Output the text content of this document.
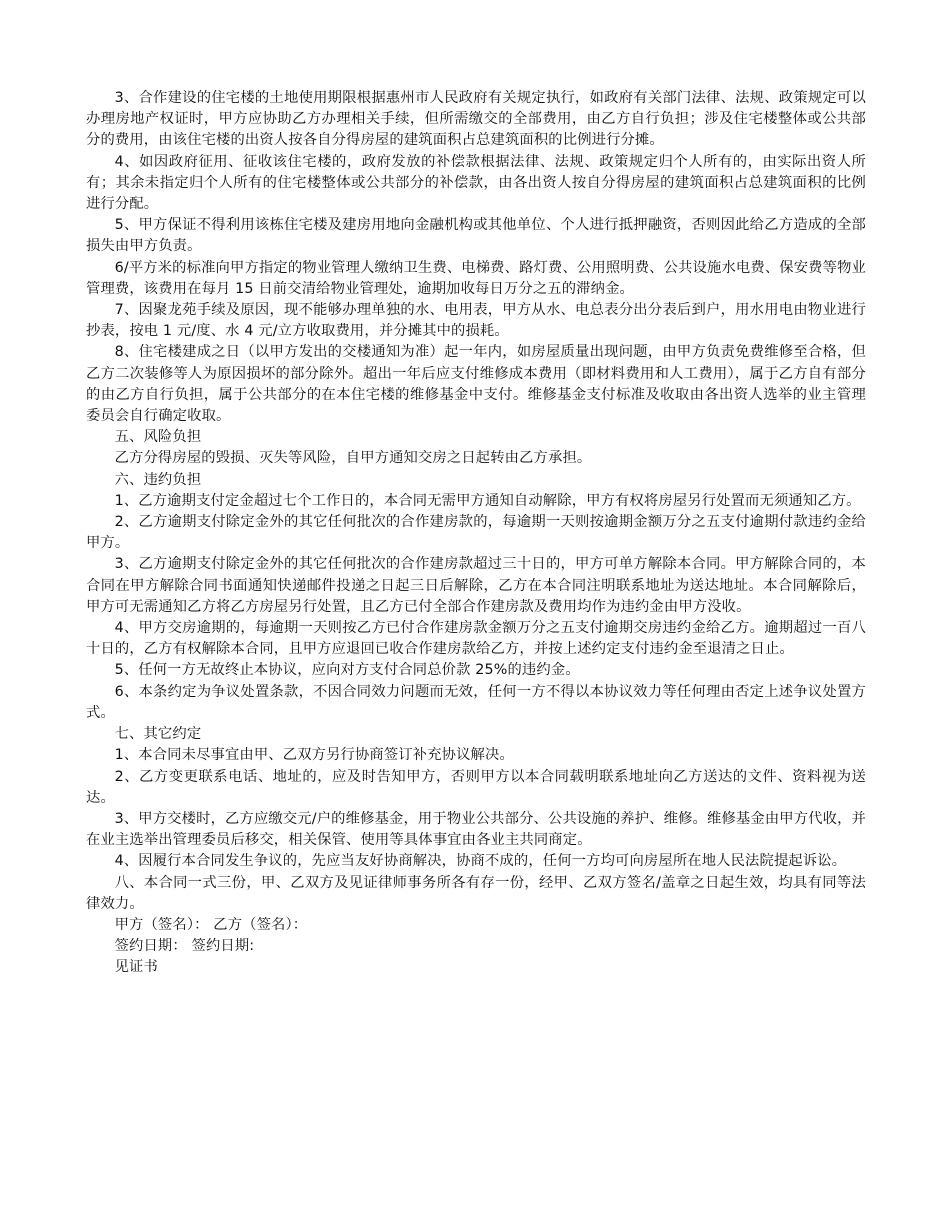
3、合作建设的住宅楼的土地使用期限根据惠州市人民政府有关规定执行，如政府有关部门法律、法规、政策规定可以办理房地产权证时，甲方应协助乙方办理相关手续，但所需缴交的全部费用，由乙方自行负担；涉及住宅楼整体或公共部分的费用，由该住宅楼的出资人按各自分得房屋的建筑面积占总建筑面积的比例进行分摊。

4、如因政府征用、征收该住宅楼的，政府发放的补偿款根据法律、法规、政策规定归个人所有的，由实际出资人所有；其余未指定归个人所有的住宅楼整体或公共部分的补偿款，由各出资人按自分得房屋的建筑面积占总建筑面积的比例进行分配。

5、甲方保证不得利用该栋住宅楼及建房用地向金融机构或其他单位、个人进行抵押融资，否则因此给乙方造成的全部损失由甲方负责。

6/平方米的标准向甲方指定的物业管理人缴纳卫生费、电梯费、路灯费、公用照明费、公共设施水电费、保安费等物业管理费，该费用在每月 15 日前交清给物业管理处，逾期加收每日万分之五的滞纳金。

7、因聚龙苑手续及原因，现不能够办理单独的水、电用表，甲方从水、电总表分出分表后到户，用水用电由物业进行抄表，按电 1 元/度、水 4 元/立方收取费用，并分摊其中的损耗。

8、住宅楼建成之日（以甲方发出的交楼通知为准）起一年内，如房屋质量出现问题，由甲方负责免费维修至合格，但乙方二次装修等人为原因损坏的部分除外。超出一年后应支付维修成本费用（即材料费用和人工费用），属于乙方自有部分的由乙方自行负担，属于公共部分的在本住宅楼的维修基金中支付。维修基金支付标准及收取由各出资人选举的业主管理委员会自行确定收取。

五、风险负担

乙方分得房屋的毁损、灭失等风险，自甲方通知交房之日起转由乙方承担。

六、违约负担

1、乙方逾期支付定金超过七个工作日的，本合同无需甲方通知自动解除，甲方有权将房屋另行处置而无须通知乙方。

2、乙方逾期支付除定金外的其它任何批次的合作建房款的，每逾期一天则按逾期金额万分之五支付逾期付款违约金给甲方。

3、乙方逾期支付除定金外的其它任何批次的合作建房款超过三十日的，甲方可单方解除本合同。甲方解除合同的，本合同在甲方解除合同书面通知快递邮件投递之日起三日后解除，乙方在本合同注明联系地址为送达地址。本合同解除后，甲方可无需通知乙方将乙方房屋另行处置，且乙方已付全部合作建房款及费用均作为违约金由甲方没收。

4、甲方交房逾期的，每逾期一天则按乙方已付合作建房款金额万分之五支付逾期交房违约金给乙方。逾期超过一百八十日的，乙方有权解除本合同，且甲方应退回已收合作建房款给乙方，并按上述约定支付违约金至退清之日止。

5、任何一方无故终止本协议，应向对方支付合同总价款 25%的违约金。

6、本条约定为争议处置条款，不因合同效力问题而无效，任何一方不得以本协议效力等任何理由否定上述争议处置方式。

七、其它约定

1、本合同未尽事宜由甲、乙双方另行协商签订补充协议解决。

2、乙方变更联系电话、地址的，应及时告知甲方，否则甲方以本合同载明联系地址向乙方送达的文件、资料视为送达。

3、甲方交楼时，乙方应缴交元/户的维修基金，用于物业公共部分、公共设施的养护、维修。维修基金由甲方代收，并在业主选举出管理委员后移交，相关保管、使用等具体事宜由各业主共同商定。

4、因履行本合同发生争议的，先应当友好协商解决，协商不成的，任何一方均可向房屋所在地人民法院提起诉讼。

八、本合同一式三份，甲、乙双方及见证律师事务所各有存一份，经甲、乙双方签名/盖章之日起生效，均具有同等法律效力。

甲方（签名）： 乙方（签名）：

签约日期： 签约日期:

见证书
